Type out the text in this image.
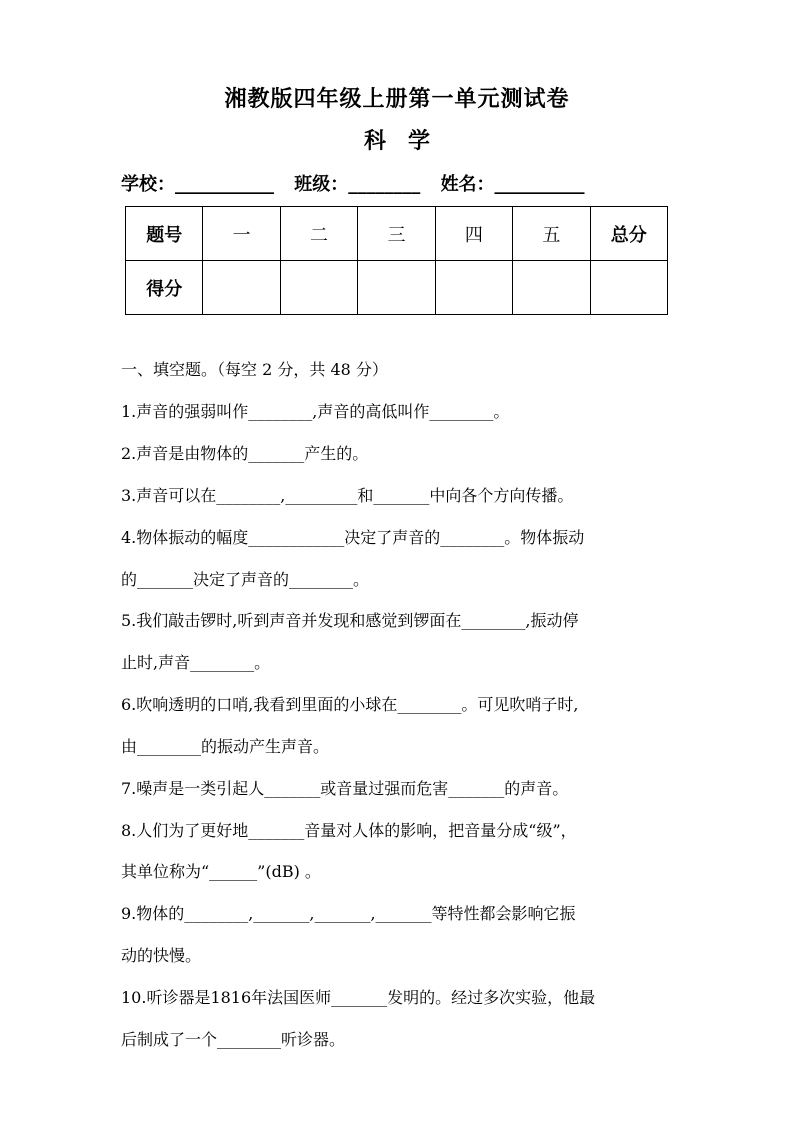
湘教版四年级上册第一单元测试卷
科　学
学校：___________ 班级：________ 姓名：__________
题号	一	二	三	四	五	总分
得分						
一、填空题。（每空 2 分，共 48 分）
1.声音的强弱叫作________,声音的高低叫作________。
2.声音是由物体的_______产生的。
3.声音可以在________,_________和_______中向各个方向传播。
4.物体振动的幅度____________决定了声音的________。物体振动
的_______决定了声音的________。
5.我们敲击锣时,听到声音并发现和感觉到锣面在________,振动停
止时,声音________。
6.吹响透明的口哨,我看到里面的小球在________。可见吹哨子时,
由________的振动产生声音。
7.噪声是一类引起人_______或音量过强而危害_______的声音。
8.人们为了更好地_______音量对人体的影响，把音量分成“级”，
其单位称为“______”(dB) 。
9.物体的________,_______,_______,_______等特性都会影响它振
动的快慢。
10.听诊器是1816年法国医师_______发明的。经过多次实验，他最
后制成了一个________听诊器。
